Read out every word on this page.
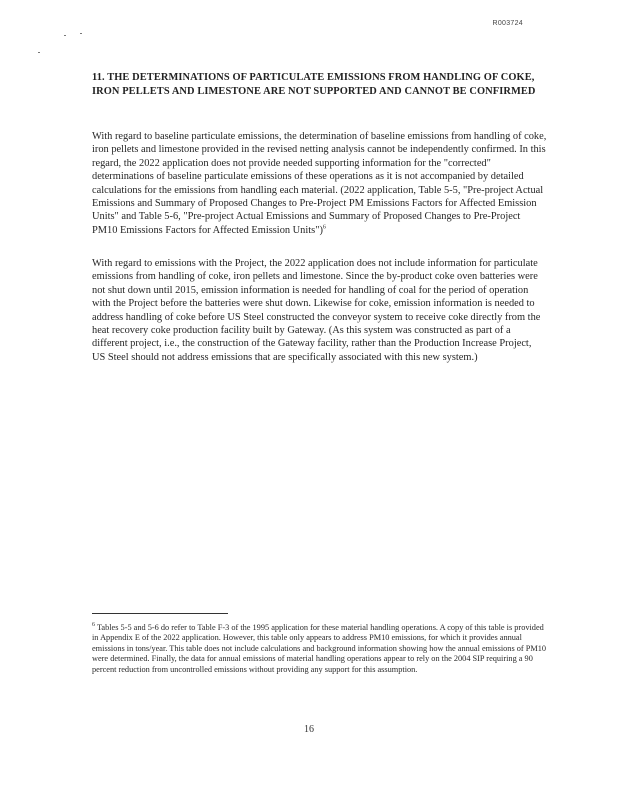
R003724
11. THE DETERMINATIONS OF PARTICULATE EMISSIONS FROM HANDLING OF COKE, IRON PELLETS AND LIMESTONE ARE NOT SUPPORTED AND CANNOT BE CONFIRMED
With regard to baseline particulate emissions, the determination of baseline emissions from handling of coke, iron pellets and limestone provided in the revised netting analysis cannot be independently confirmed. In this regard, the 2022 application does not provide needed supporting information for the "corrected" determinations of baseline particulate emissions of these operations as it is not accompanied by detailed calculations for the emissions from handling each material. (2022 application, Table 5-5, "Pre-project Actual Emissions and Summary of Proposed Changes to Pre-Project PM Emissions Factors for Affected Emission Units" and Table 5-6, "Pre-project Actual Emissions and Summary of Proposed Changes to Pre-Project PM10 Emissions Factors for Affected Emission Units")$^6$
With regard to emissions with the Project, the 2022 application does not include information for particulate emissions from handling of coke, iron pellets and limestone. Since the by-product coke oven batteries were not shut down until 2015, emission information is needed for handling of coal for the period of operation with the Project before the batteries were shut down. Likewise for coke, emission information is needed to address handling of coke before US Steel constructed the conveyor system to receive coke directly from the heat recovery coke production facility built by Gateway. (As this system was constructed as part of a different project, i.e., the construction of the Gateway facility, rather than the Production Increase Project, US Steel should not address emissions that are specifically associated with this new system.)
$^6$ Tables 5-5 and 5-6 do refer to Table F-3 of the 1995 application for these material handling operations. A copy of this table is provided in Appendix E of the 2022 application. However, this table only appears to address PM10 emissions, for which it provides annual emissions in tons/year. This table does not include calculations and background information showing how the annual emissions of PM10 were determined. Finally, the data for annual emissions of material handling operations appear to rely on the 2004 SIP requiring a 90 percent reduction from uncontrolled emissions without providing any support for this assumption.
16
